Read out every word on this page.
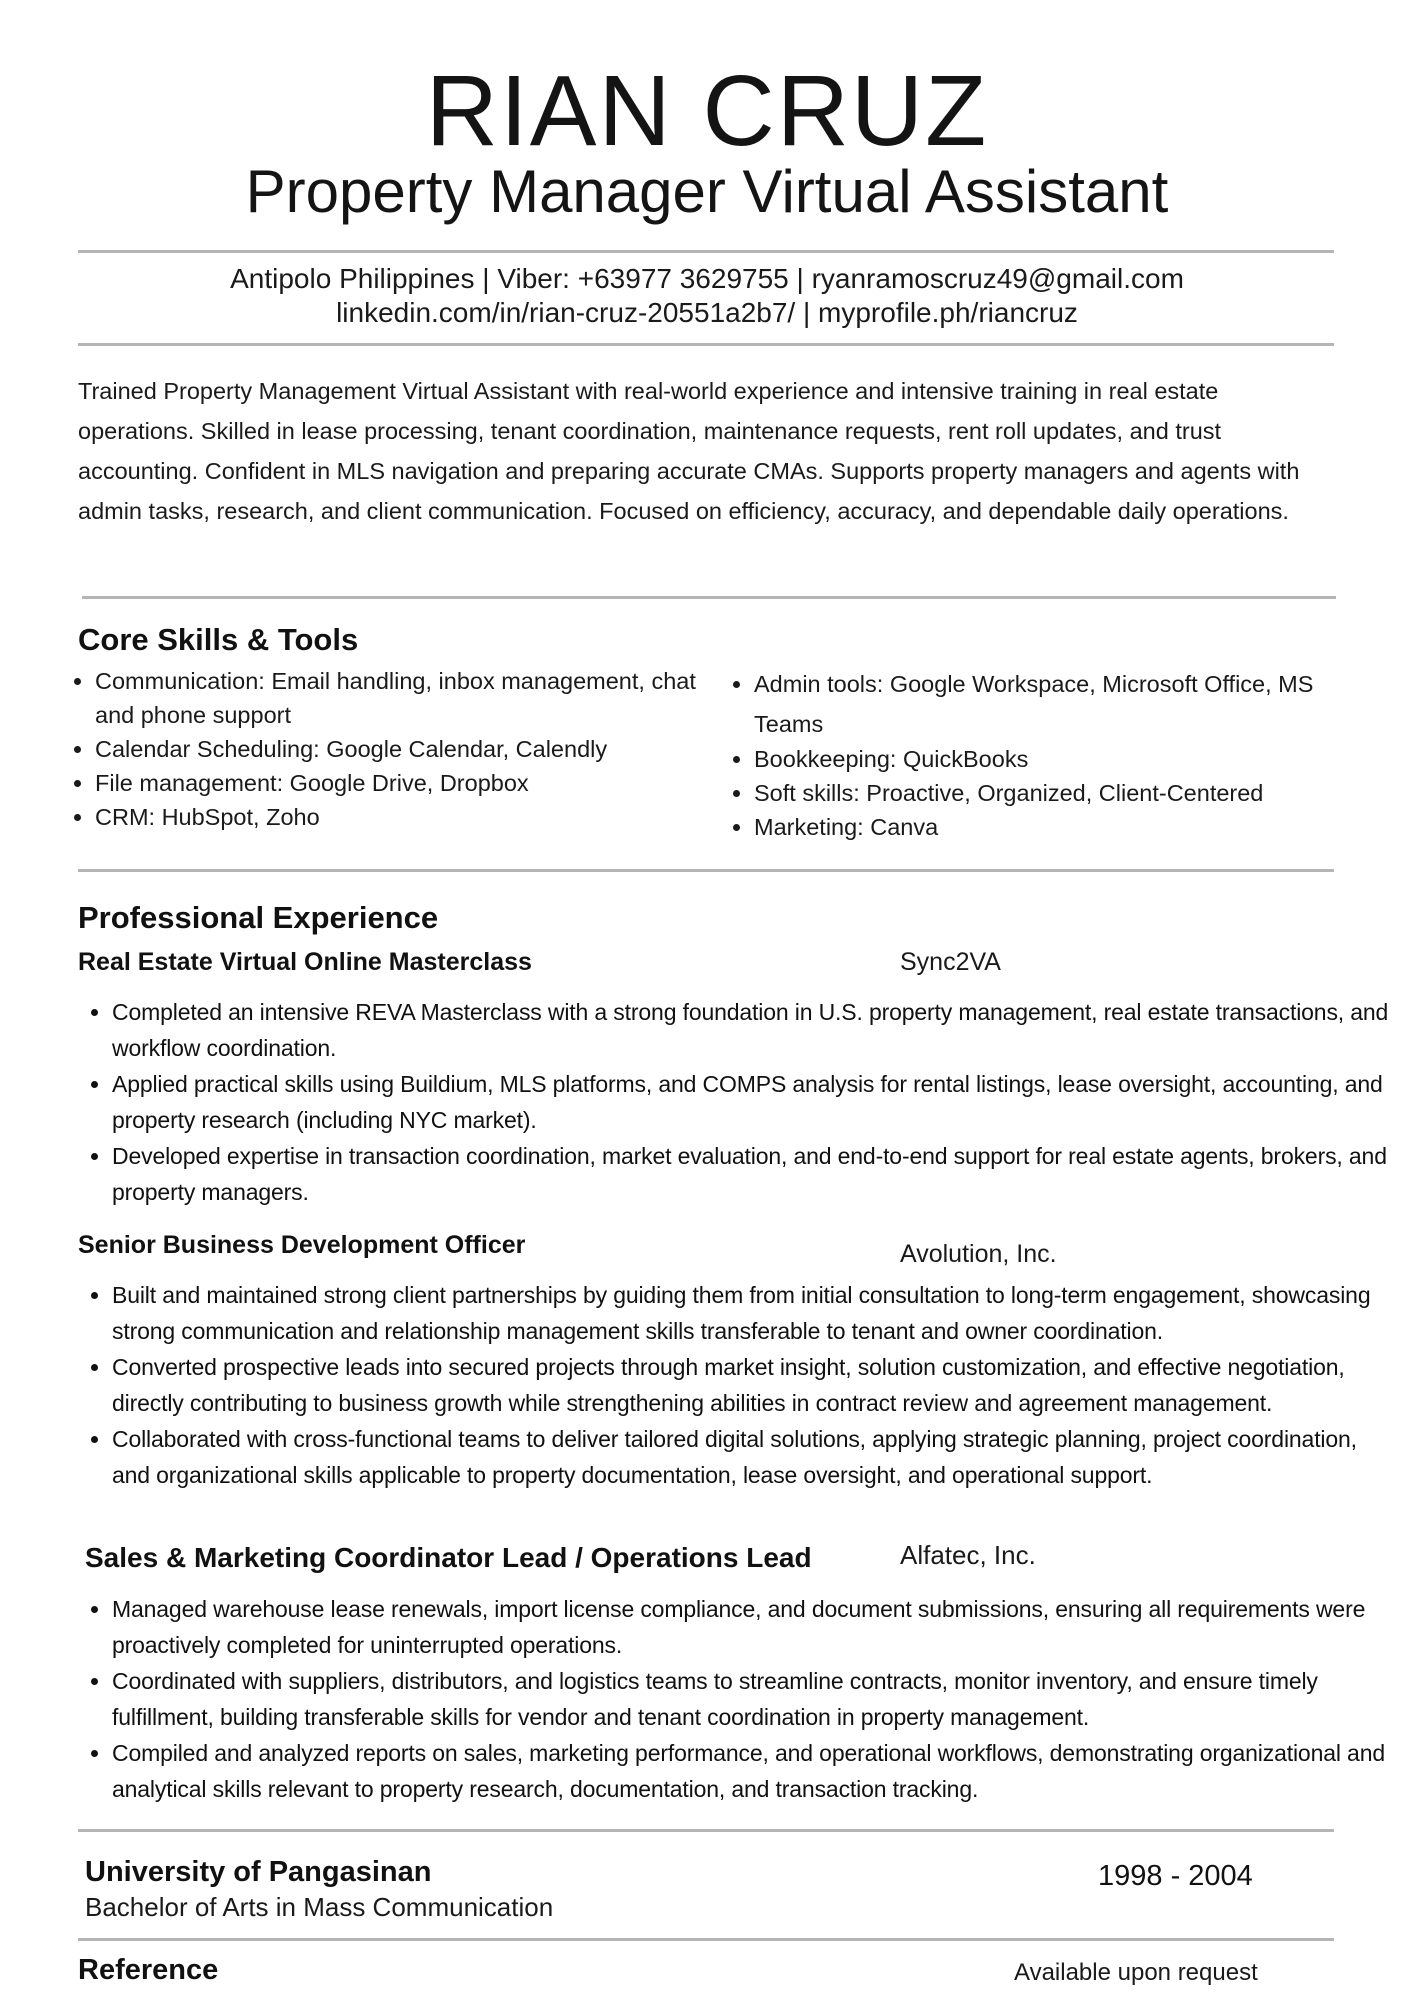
RIAN CRUZ
Property Manager Virtual Assistant
Antipolo Philippines | Viber: +63977 3629755 | ryanramoscruz49@gmail.com
linkedin.com/in/rian-cruz-20551a2b7/ | myprofile.ph/riancruz
Trained Property Management Virtual Assistant with real-world experience and intensive training in real estate operations. Skilled in lease processing, tenant coordination, maintenance requests, rent roll updates, and trust accounting. Confident in MLS navigation and preparing accurate CMAs. Supports property managers and agents with admin tasks, research, and client communication. Focused on efficiency, accuracy, and dependable daily operations.
Core Skills & Tools
• Communication: Email handling, inbox management, chat and phone support
• Calendar Scheduling: Google Calendar, Calendly
• File management: Google Drive, Dropbox
• CRM: HubSpot, Zoho
• Admin tools: Google Workspace, Microsoft Office, MS Teams
• Bookkeeping: QuickBooks
• Soft skills: Proactive, Organized, Client-Centered
• Marketing: Canva
Professional Experience
Real Estate Virtual Online Masterclass	Sync2VA
• Completed an intensive REVA Masterclass with a strong foundation in U.S. property management, real estate transactions, and workflow coordination.
• Applied practical skills using Buildium, MLS platforms, and COMPS analysis for rental listings, lease oversight, accounting, and property research (including NYC market).
• Developed expertise in transaction coordination, market evaluation, and end-to-end support for real estate agents, brokers, and property managers.
Senior Business Development Officer	Avolution, Inc.
• Built and maintained strong client partnerships by guiding them from initial consultation to long-term engagement, showcasing strong communication and relationship management skills transferable to tenant and owner coordination.
• Converted prospective leads into secured projects through market insight, solution customization, and effective negotiation, directly contributing to business growth while strengthening abilities in contract review and agreement management.
• Collaborated with cross-functional teams to deliver tailored digital solutions, applying strategic planning, project coordination, and organizational skills applicable to property documentation, lease oversight, and operational support.
Sales & Marketing Coordinator Lead / Operations Lead	Alfatec, Inc.
• Managed warehouse lease renewals, import license compliance, and document submissions, ensuring all requirements were proactively completed for uninterrupted operations.
• Coordinated with suppliers, distributors, and logistics teams to streamline contracts, monitor inventory, and ensure timely fulfillment, building transferable skills for vendor and tenant coordination in property management.
• Compiled and analyzed reports on sales, marketing performance, and operational workflows, demonstrating organizational and analytical skills relevant to property research, documentation, and transaction tracking.
University of Pangasinan
Bachelor of Arts in Mass Communication
1998 - 2004
Reference	Available upon request
